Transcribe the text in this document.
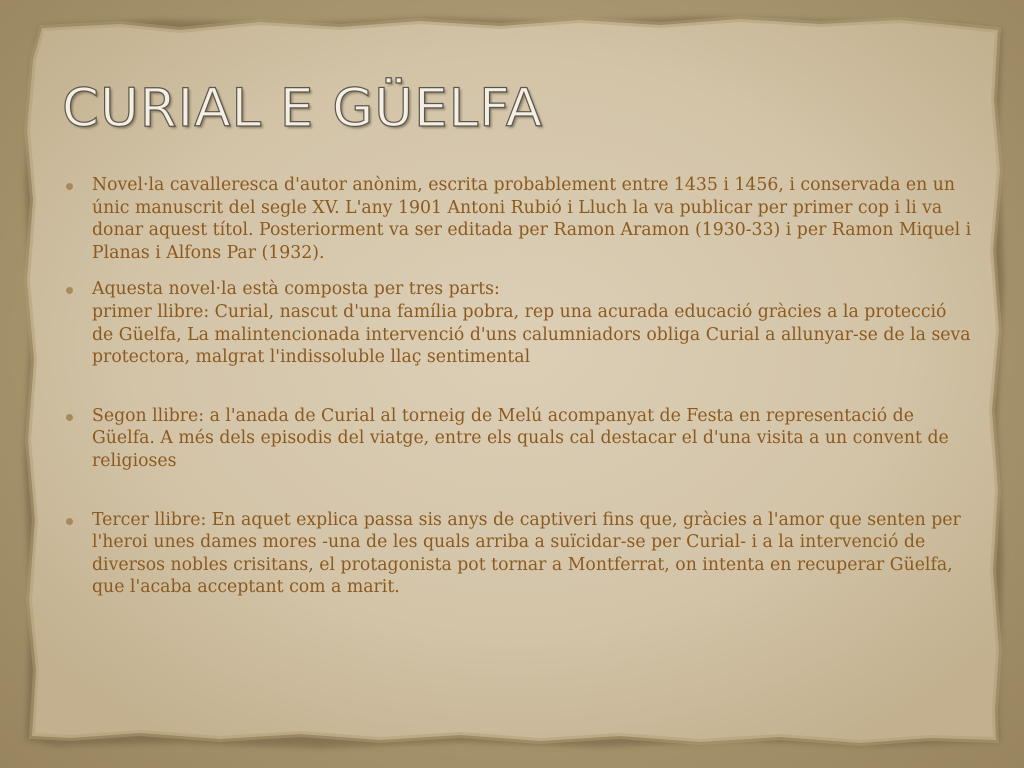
CURIAL E GÜELFA
Novel·la cavalleresca d'autor anònim, escrita probablement entre 1435 i 1456, i conservada en un únic manuscrit del segle XV. L'any 1901 Antoni Rubió i Lluch la va publicar per primer cop i li va donar aquest títol. Posteriorment va ser editada per Ramon Aramon (1930-33) i per Ramon Miquel i Planas i Alfons Par (1932).
Aquesta novel·la està composta per tres parts:
primer llibre: Curial, nascut d'una família pobra, rep una acurada educació gràcies a la protecció de Güelfa, La malintencionada intervenció d'uns calumniadors obliga Curial a allunyar-se de la seva protectora, malgrat l'indissoluble llaç sentimental
Segon llibre: a l'anada de Curial al torneig de Melú acompanyat de Festa en representació de Güelfa. A més dels episodis del viatge, entre els quals cal destacar el d'una visita a un convent de religioses
Tercer llibre: En aquet explica passa sis anys de captiveri fins que, gràcies a l'amor que senten per l'heroi unes dames mores -una de les quals arriba a suïcidar-se per Curial- i a la intervenció de diversos nobles crisitans, el protagonista pot tornar a Montferrat, on intenta en recuperar Güelfa, que l'acaba acceptant com a marit.
